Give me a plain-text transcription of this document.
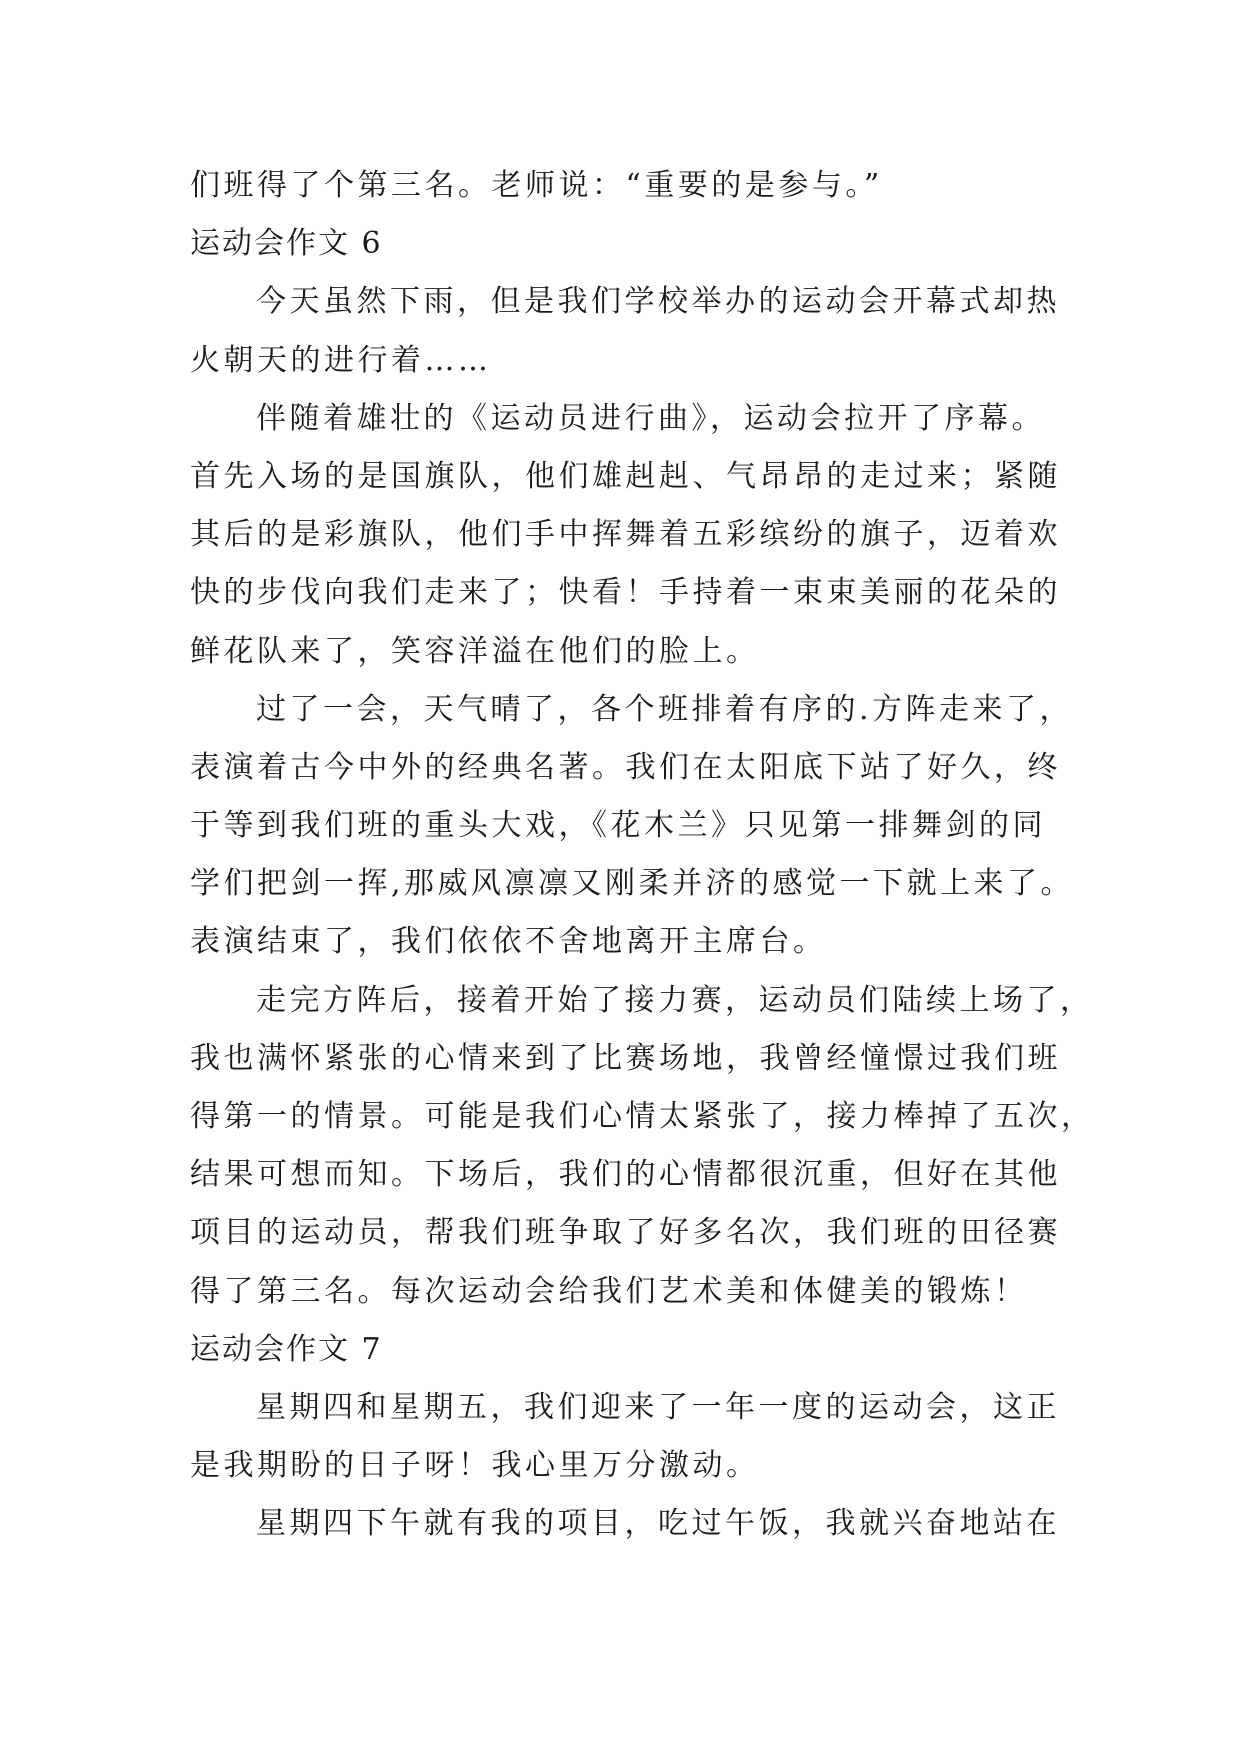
们班得了个第三名。老师说：“重要的是参与。”
运动会作文 6
今天虽然下雨，但是我们学校举办的运动会开幕式却热
火朝天的进行着……
伴随着雄壮的《运动员进行曲》，运动会拉开了序幕。
首先入场的是国旗队，他们雄赳赳、气昂昂的走过来；紧随
其后的是彩旗队，他们手中挥舞着五彩缤纷的旗子，迈着欢
快的步伐向我们走来了；快看！手持着一束束美丽的花朵的
鲜花队来了，笑容洋溢在他们的脸上。
过了一会，天气晴了，各个班排着有序的.方阵走来了，
表演着古今中外的经典名著。我们在太阳底下站了好久，终
于等到我们班的重头大戏，《花木兰》只见第一排舞剑的同
学们把剑一挥,那威风凛凛又刚柔并济的感觉一下就上来了。
表演结束了，我们依依不舍地离开主席台。
走完方阵后，接着开始了接力赛，运动员们陆续上场了，
我也满怀紧张的心情来到了比赛场地，我曾经憧憬过我们班
得第一的情景。可能是我们心情太紧张了，接力棒掉了五次，
结果可想而知。下场后，我们的心情都很沉重，但好在其他
项目的运动员，帮我们班争取了好多名次，我们班的田径赛
得了第三名。每次运动会给我们艺术美和体健美的锻炼！
运动会作文 7
星期四和星期五，我们迎来了一年一度的运动会，这正
是我期盼的日子呀！我心里万分激动。
星期四下午就有我的项目，吃过午饭，我就兴奋地站在
